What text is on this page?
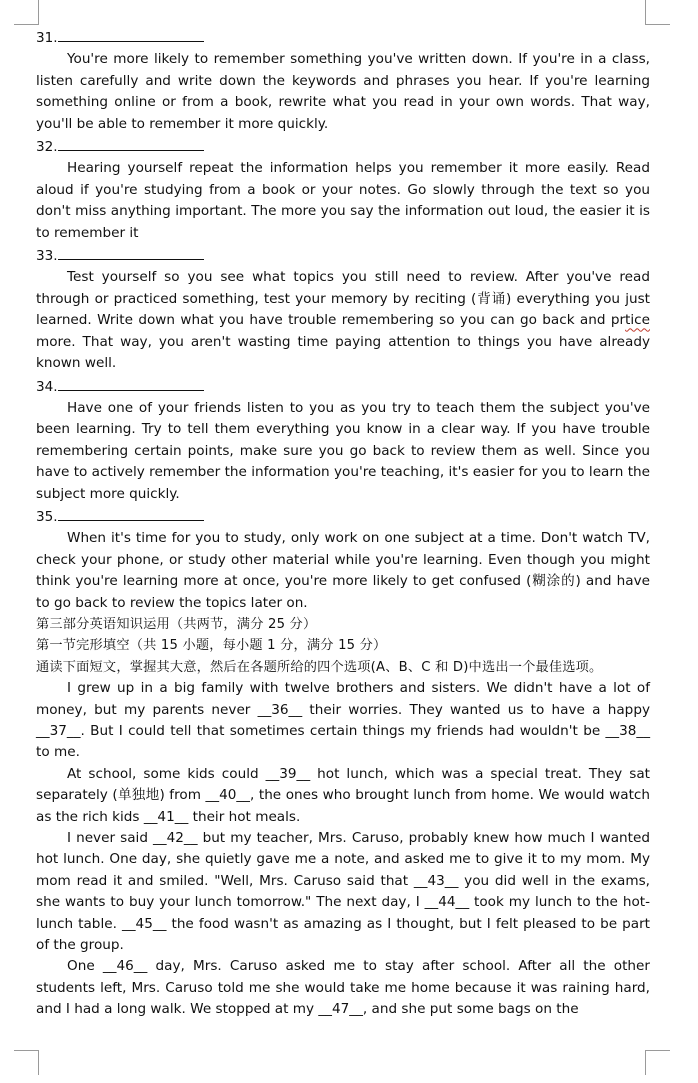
31.

You're more likely to remember something you've written down. If you're in a class, listen carefully and write down the keywords and phrases you hear. If you're learning something online or from a book, rewrite what you read in your own words. That way, you'll be able to remember it more quickly.

32.

Hearing yourself repeat the information helps you remember it more easily. Read aloud if you're studying from a book or your notes. Go slowly through the text so you don't miss anything important. The more you say the information out loud, the easier it is to remember it

33.

Test yourself so you see what topics you still need to review. After you've read through or practiced something, test your memory by reciting (背诵) everything you just learned. Write down what you have trouble remembering so you can go back and prtice more. That way, you aren't wasting time paying attention to things you have already known well.

34.

Have one of your friends listen to you as you try to teach them the subject you've been learning. Try to tell them everything you know in a clear way. If you have trouble remembering certain points, make sure you go back to review them as well. Since you have to actively remember the information you're teaching, it's easier for you to learn the subject more quickly.

35.

When it's time for you to study, only work on one subject at a time. Don't watch TV, check your phone, or study other material while you're learning. Even though you might think you're learning more at once, you're more likely to get confused (糊涂的) and have to go back to review the topics later on.

第三部分英语知识运用（共两节，满分 25 分）

第一节完形填空（共 15 小题，每小题 1 分，满分 15 分）

通读下面短文，掌握其大意，然后在各题所给的四个选项(A、B、C 和 D)中选出一个最佳选项。

I grew up in a big family with twelve brothers and sisters. We didn't have a lot of money, but my parents never __36__ their worries. They wanted us to have a happy __37__. But I could tell that sometimes certain things my friends had wouldn't be __38__ to me.

At school, some kids could __39__ hot lunch, which was a special treat. They sat separately (单独地) from __40__, the ones who brought lunch from home. We would watch as the rich kids __41__ their hot meals.

I never said __42__ but my teacher, Mrs. Caruso, probably knew how much I wanted hot lunch. One day, she quietly gave me a note, and asked me to give it to my mom. My mom read it and smiled. "Well, Mrs. Caruso said that __43__ you did well in the exams, she wants to buy your lunch tomorrow." The next day, I __44__ took my lunch to the hot-lunch table. __45__ the food wasn't as amazing as I thought, but I felt pleased to be part of the group.

One __46__ day, Mrs. Caruso asked me to stay after school. After all the other students left, Mrs. Caruso told me she would take me home because it was raining hard, and I had a long walk. We stopped at my __47__, and she put some bags on the
